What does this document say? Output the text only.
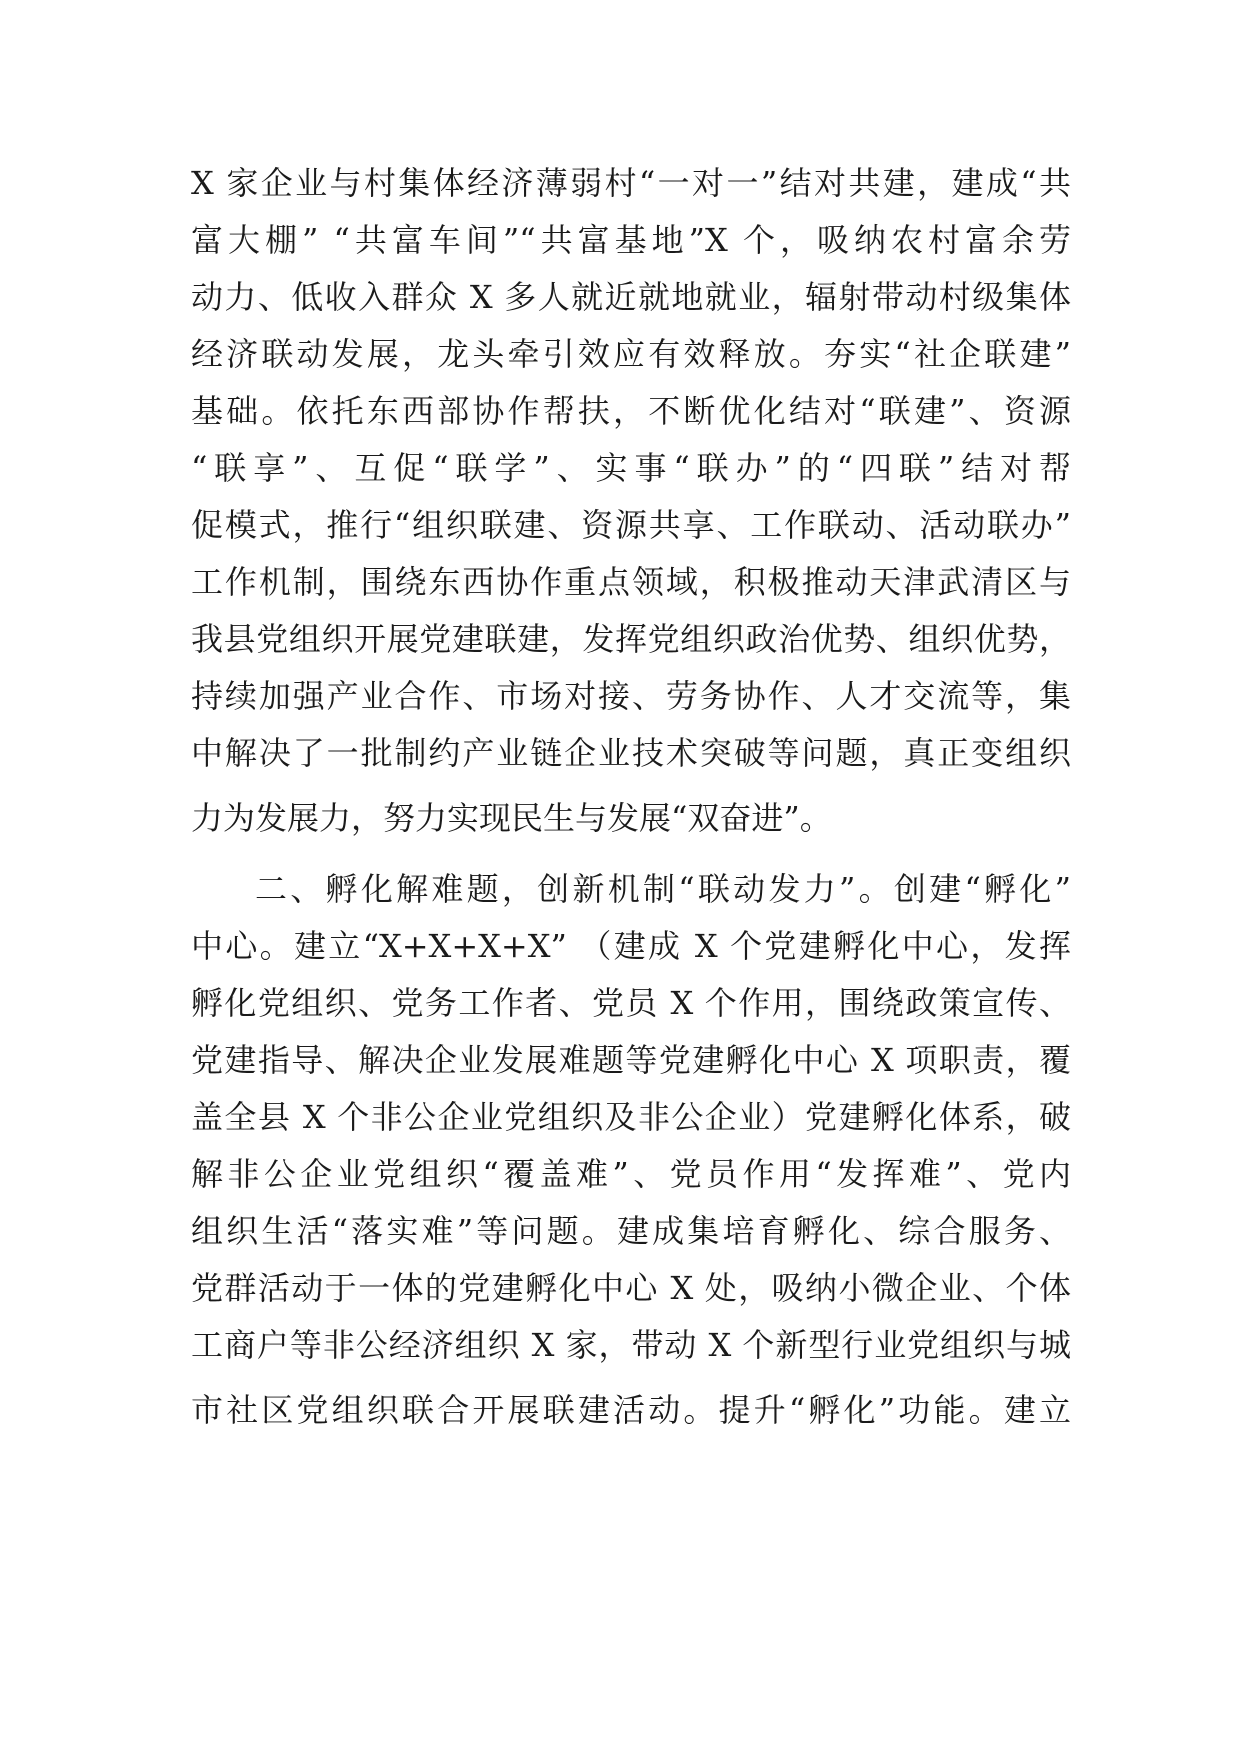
X 家企业与村集体经济薄弱村“一对一”结对共建，建成“共
富大棚” “共富车间”“共富基地”X 个，吸纳农村富余劳
动力、低收入群众 X 多人就近就地就业，辐射带动村级集体
经济联动发展，龙头牵引效应有效释放。夯实“社企联建”
基础。依托东西部协作帮扶，不断优化结对“联建”、资源
“联享”、互促“联学”、实事“联办”的“四联”结对帮
促模式，推行“组织联建、资源共享、工作联动、活动联办”
工作机制，围绕东西协作重点领域，积极推动天津武清区与
我县党组织开展党建联建，发挥党组织政治优势、组织优势，
持续加强产业合作、市场对接、劳务协作、人才交流等，集
中解决了一批制约产业链企业技术突破等问题，真正变组织
力为发展力，努力实现民生与发展“双奋进”。
二、孵化解难题，创新机制“联动发力”。创建“孵化”
中心。建立“X+X+X+X” （建成 X 个党建孵化中心，发挥
孵化党组织、党务工作者、党员 X 个作用，围绕政策宣传、
党建指导、解决企业发展难题等党建孵化中心 X 项职责，覆
盖全县 X 个非公企业党组织及非公企业）党建孵化体系，破
解非公企业党组织“覆盖难”、党员作用“发挥难”、党内
组织生活“落实难”等问题。建成集培育孵化、综合服务、
党群活动于一体的党建孵化中心 X 处，吸纳小微企业、个体
工商户等非公经济组织 X 家，带动 X 个新型行业党组织与城
市社区党组织联合开展联建活动。提升“孵化”功能。建立
